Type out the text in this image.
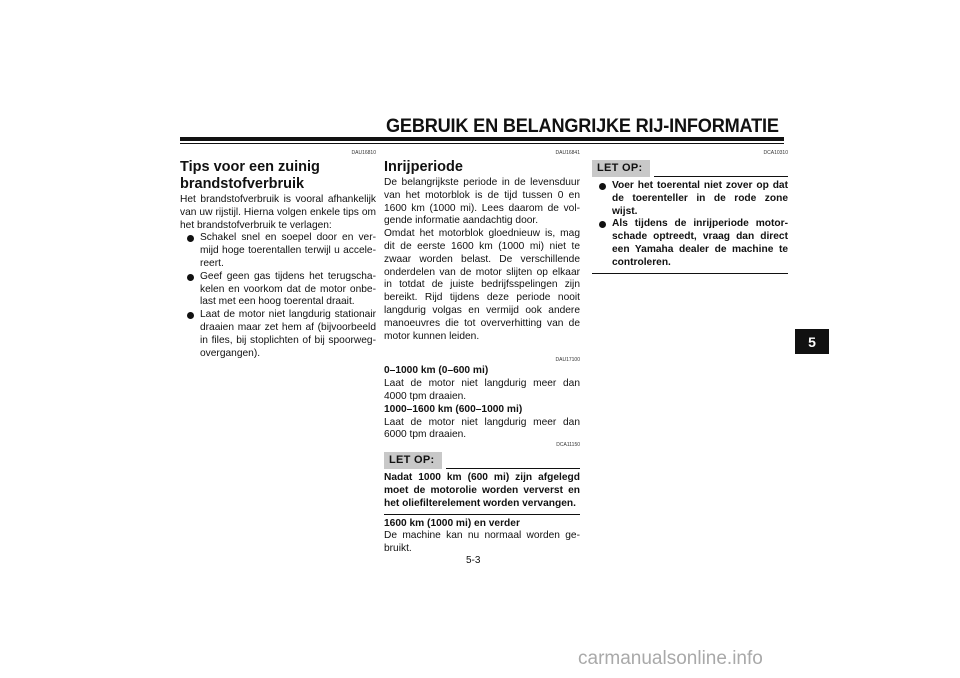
GEBRUIK EN BELANGRIJKE RIJ-INFORMATIE
DAU16810
Tips voor een zuinig brandstofverbruik

Het brandstofverbruik is vooral afhankelijk van uw rijstijl. Hierna volgen enkele tips om het brandstofverbruik te verlagen:

Schakel snel en soepel door en vermijd hoge toerentallen terwijl u accelereert.
Geef geen gas tijdens het terugschakelen en voorkom dat de motor onbelast met een hoog toerental draait.
Laat de motor niet langdurig stationair draaien maar zet hem af (bijvoorbeeld in files, bij stoplichten of bij spoorwegovergangen).
DAU16841
Inrijperiode

De belangrijkste periode in de levensduur van het motorblok is de tijd tussen 0 en 1600 km (1000 mi). Lees daarom de volgende informatie aandachtig door.

Omdat het motorblok gloednieuw is, mag dit de eerste 1600 km (1000 mi) niet te zwaar worden belast. De verschillende onderdelen van de motor slijten op elkaar in totdat de juiste bedrijfsspelingen zijn bereikt. Rijd tijdens deze periode nooit langdurig volgas en vermijd ook andere manoeuvres die tot oververhitting van de motor kunnen leiden.

DAU17100

0–1000 km (0–600 mi)

Laat de motor niet langdurig meer dan 4000 tpm draaien.

1000–1600 km (600–1000 mi)

Laat de motor niet langdurig meer dan 6000 tpm draaien.

DCA11150
LET OP:

Nadat 1000 km (600 mi) zijn afgelegd moet de motorolie worden ververst en het oliefilterelement worden vervangen.

1600 km (1000 mi) en verder

De machine kan nu normaal worden gebruikt.

DCA10310
LET OP:
Voer het toerental niet zover op dat de toerenteller in de rode zone wijst.
Als tijdens de inrijperiode motorschade optreedt, vraag dan direct een Yamaha dealer de machine te controleren.
5-3
5
carmanualsonline.info
